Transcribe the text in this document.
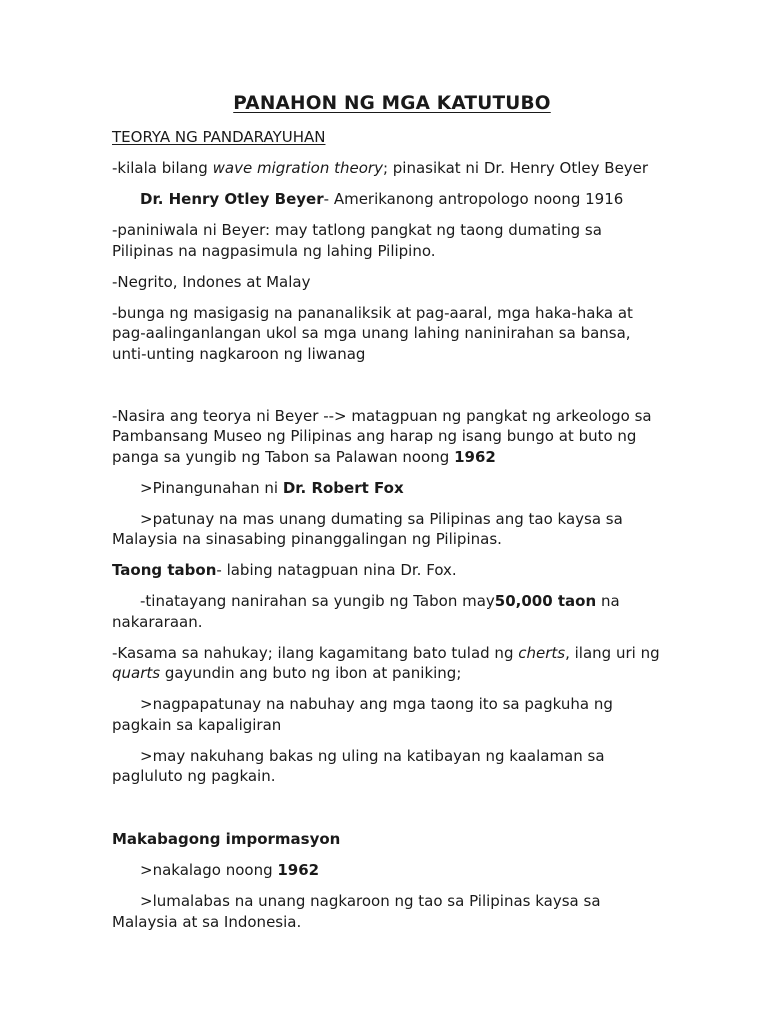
PANAHON NG MGA KATUTUBO

TEORYA NG PANDARAYUHAN

-kilala bilang wave migration theory; pinasikat ni Dr. Henry Otley Beyer

Dr. Henry Otley Beyer- Amerikanong antropologo noong 1916

-paniniwala ni Beyer: may tatlong pangkat ng taong dumating sa
Pilipinas na nagpasimula ng lahing Pilipino.

-Negrito, Indones at Malay

-bunga ng masigasig na pananaliksik at pag-aaral, mga haka-haka at
pag-aalinganlangan ukol sa mga unang lahing naninirahan sa bansa,
unti-unting nagkaroon ng liwanag

-Nasira ang teorya ni Beyer --> matagpuan ng pangkat ng arkeologo sa
Pambansang Museo ng Pilipinas ang harap ng isang bungo at buto ng
panga sa yungib ng Tabon sa Palawan noong 1962

>Pinangunahan ni Dr. Robert Fox

>patunay na mas unang dumating sa Pilipinas ang tao kaysa sa
Malaysia na sinasabing pinanggalingan ng Pilipinas.

Taong tabon- labing natagpuan nina Dr. Fox.

-tinatayang nanirahan sa yungib ng Tabon may50,000 taon na
nakararaan.

-Kasama sa nahukay; ilang kagamitang bato tulad ng cherts, ilang uri ng
quarts gayundin ang buto ng ibon at paniking;

>nagpapatunay na nabuhay ang mga taong ito sa pagkuha ng
pagkain sa kapaligiran

>may nakuhang bakas ng uling na katibayan ng kaalaman sa
pagluluto ng pagkain.

Makabagong impormasyon

>nakalago noong 1962

>lumalabas na unang nagkaroon ng tao sa Pilipinas kaysa sa
Malaysia at sa Indonesia.
